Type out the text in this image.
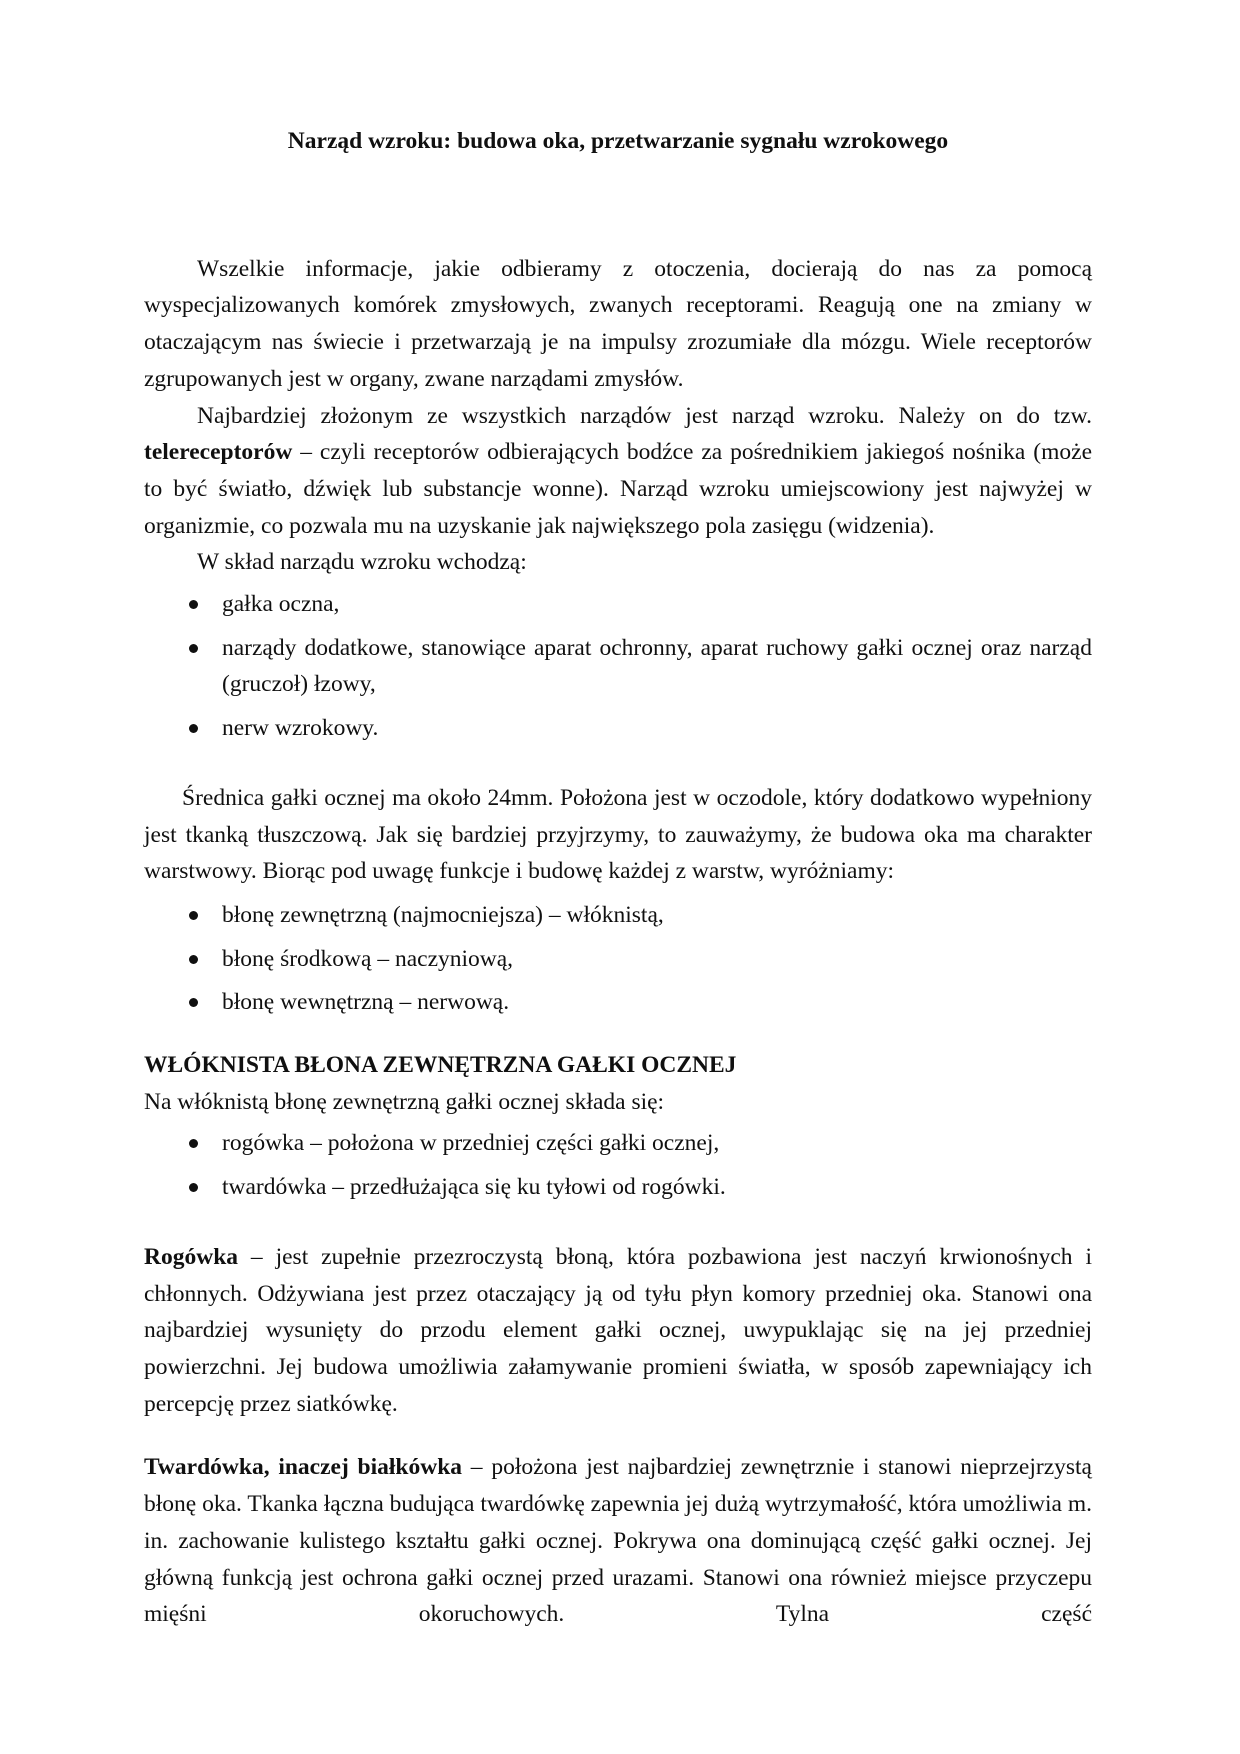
Narząd wzroku: budowa oka, przetwarzanie sygnału wzrokowego

Wszelkie informacje, jakie odbieramy z otoczenia, docierają do nas za pomocą wyspecjalizowanych komórek zmysłowych, zwanych receptorami. Reagują one na zmiany w otaczającym nas świecie i przetwarzają je na impulsy zrozumiałe dla mózgu. Wiele receptorów zgrupowanych jest w organy, zwane narządami zmysłów.

Najbardziej złożonym ze wszystkich narządów jest narząd wzroku. Należy on do tzw. telereceptorów – czyli receptorów odbierających bodźce za pośrednikiem jakiegoś nośnika (może to być światło, dźwięk lub substancje wonne). Narząd wzroku umiejscowiony jest najwyżej w organizmie, co pozwala mu na uzyskanie jak największego pola zasięgu (widzenia).

W skład narządu wzroku wchodzą:

gałka oczna,
narządy dodatkowe, stanowiące aparat ochronny, aparat ruchowy gałki ocznej oraz narząd (gruczoł) łzowy,
nerw wzrokowy.

Średnica gałki ocznej ma około 24mm. Położona jest w oczodole, który dodatkowo wypełniony jest tkanką tłuszczową. Jak się bardziej przyjrzymy, to zauważymy, że budowa oka ma charakter warstwowy. Biorąc pod uwagę funkcje i budowę każdej z warstw, wyróżniamy:

błonę zewnętrzną (najmocniejsza) – włóknistą,
błonę środkową – naczyniową,
błonę wewnętrzną – nerwową.

WŁÓKNISTA BŁONA ZEWNĘTRZNA GAŁKI OCZNEJ

Na włóknistą błonę zewnętrzną gałki ocznej składa się:

rogówka – położona w przedniej części gałki ocznej,
twardówka – przedłużająca się ku tyłowi od rogówki.

Rogówka – jest zupełnie przezroczystą błoną, która pozbawiona jest naczyń krwionośnych i chłonnych. Odżywiana jest przez otaczający ją od tyłu płyn komory przedniej oka. Stanowi ona najbardziej wysunięty do przodu element gałki ocznej, uwypuklając się na jej przedniej powierzchni. Jej budowa umożliwia załamywanie promieni światła, w sposób zapewniający ich percepcję przez siatkówkę.

Twardówka, inaczej białkówka – położona jest najbardziej zewnętrznie i stanowi nieprzejrzystą błonę oka. Tkanka łączna budująca twardówkę zapewnia jej dużą wytrzymałość, która umożliwia m. in. zachowanie kulistego kształtu gałki ocznej. Pokrywa ona dominującą część gałki ocznej. Jej główną funkcją jest ochrona gałki ocznej przed urazami. Stanowi ona również miejsce przyczepu mięśni okoruchowych. Tylna część
